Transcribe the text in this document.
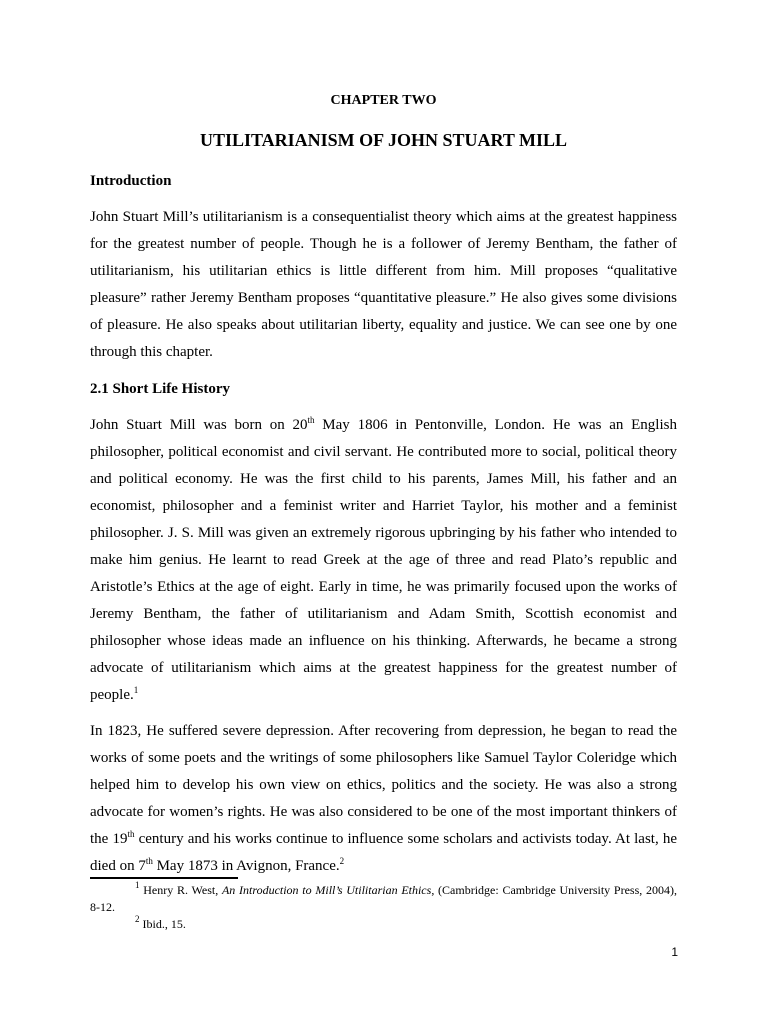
CHAPTER TWO

UTILITARIANISM OF JOHN STUART MILL
Introduction

John Stuart Mill’s utilitarianism is a consequentialist theory which aims at the greatest happiness for the greatest number of people. Though he is a follower of Jeremy Bentham, the father of utilitarianism, his utilitarian ethics is little different from him. Mill proposes “qualitative pleasure” rather Jeremy Bentham proposes “quantitative pleasure.” He also gives some divisions of pleasure. He also speaks about utilitarian liberty, equality and justice. We can see one by one through this chapter.

2.1 Short Life History

John Stuart Mill was born on 20th May 1806 in Pentonville, London. He was an English philosopher, political economist and civil servant. He contributed more to social, political theory and political economy. He was the first child to his parents, James Mill, his father and an economist, philosopher and a feminist writer and Harriet Taylor, his mother and a feminist philosopher. J. S. Mill was given an extremely rigorous upbringing by his father who intended to make him genius. He learnt to read Greek at the age of three and read Plato’s republic and Aristotle’s Ethics at the age of eight. Early in time, he was primarily focused upon the works of Jeremy Bentham, the father of utilitarianism and Adam Smith, Scottish economist and philosopher whose ideas made an influence on his thinking. Afterwards, he became a strong advocate of utilitarianism which aims at the greatest happiness for the greatest number of people.$^1$

In 1823, He suffered severe depression. After recovering from depression, he began to read the works of some poets and the writings of some philosophers like Samuel Taylor Coleridge which helped him to develop his own view on ethics, politics and the society. He was also a strong advocate for women’s rights. He was also considered to be one of the most important thinkers of the 19th century and his works continue to influence some scholars and activists today. At last, he died on 7th May 1873 in Avignon, France.$^2$

$^1$ Henry R. West, An Introduction to Mill’s Utilitarian Ethics, (Cambridge: Cambridge University Press, 2004), 8-12.

$^2$ Ibid., 15.

1
